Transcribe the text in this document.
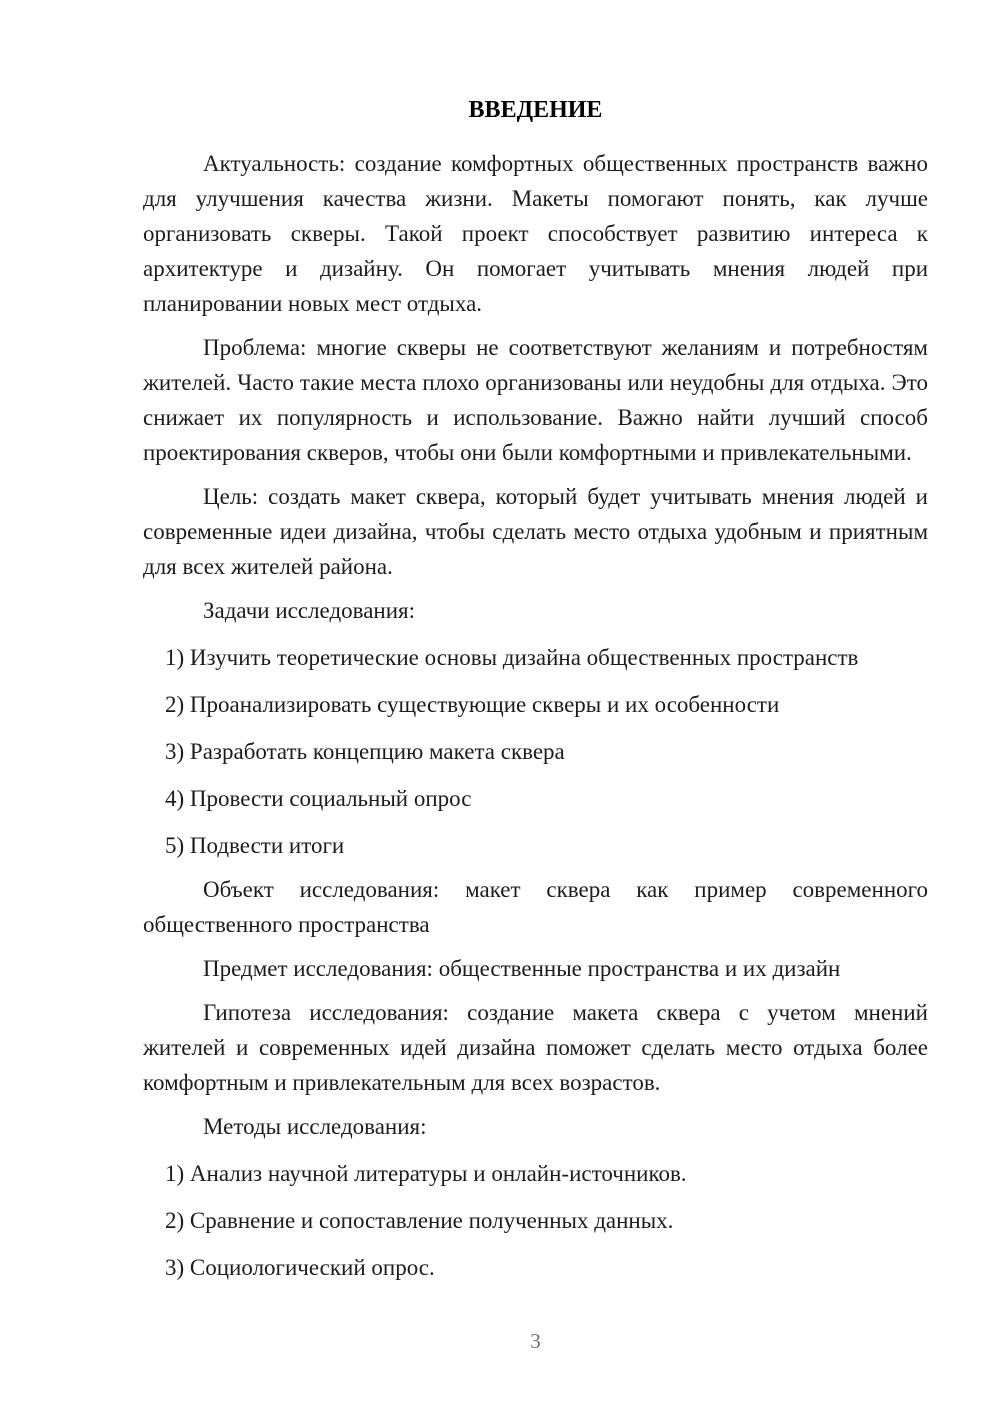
ВВЕДЕНИЕ

Актуальность: создание комфортных общественных пространств важно для улучшения качества жизни. Макеты помогают понять, как лучше организовать скверы. Такой проект способствует развитию интереса к архитектуре и дизайну. Он помогает учитывать мнения людей при планировании новых мест отдыха.

Проблема: многие скверы не соответствуют желаниям и потребностям жителей. Часто такие места плохо организованы или неудобны для отдыха. Это снижает их популярность и использование. Важно найти лучший способ проектирования скверов, чтобы они были комфортными и привлекательными.

Цель: создать макет сквера, который будет учитывать мнения людей и современные идеи дизайна, чтобы сделать место отдыха удобным и приятным для всех жителей района.

Задачи исследования:

1) Изучить теоретические основы дизайна общественных пространств

2) Проанализировать существующие скверы и их особенности

3) Разработать концепцию макета сквера

4) Провести социальный опрос

5) Подвести итоги

Объект исследования: макет сквера как пример современного общественного пространства

Предмет исследования: общественные пространства и их дизайн

Гипотеза исследования: создание макета сквера с учетом мнений жителей и современных идей дизайна поможет сделать место отдыха более комфортным и привлекательным для всех возрастов.

Методы исследования:

1) Анализ научной литературы и онлайн-источников.

2) Сравнение и сопоставление полученных данных.

3) Социологический опрос.

3
